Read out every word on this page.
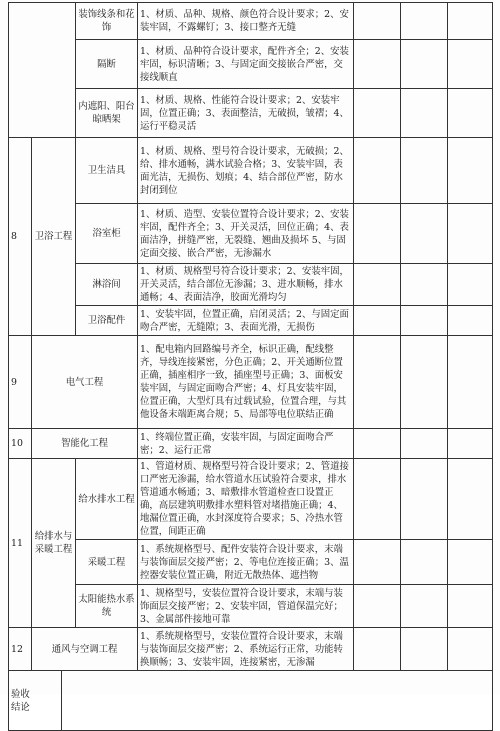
			装饰线条和花饰	1、材质、品种、规格、颜色符合设计要求；2、安装牢固，不露螺钉；3、接口整齐无缝			
			隔断	1、材质、品种符合设计要求，配件齐全；2、安装牢固，标识清晰；3、与固定面交接嵌合严密，交接线顺直			
			内遮阳、阳台晾晒架	1、材质、规格、性能符合设计要求；2、安装牢固，位置正确；3、表面整洁，无破损，皱褶；4、运行平稳灵活			
8	卫浴工程		卫生洁具	1、材质、规格、型号符合设计要求，无破损；2、给、排水通畅，满水试验合格；3、安装牢固，表面光洁，无损伤、划痕；4、结合部位严密，防水封闭到位			
			浴室柜	1、材质、造型、安装位置符合设计要求；2、安装牢固，配件齐全；3、开关灵活，回位正确；4、表面洁净，拼缝严密，无裂缝、翘曲及损坏 5、与固定面交接、嵌合严密，无渗漏水			
			淋浴间	1、材质、规格型号符合设计要求；2、安装牢固，开关灵活，结合部位无渗漏；3、进水顺畅，排水通畅；4、表面洁净，胶面光滑均匀			
			卫浴配件	1、安装牢固，位置正确，启闭灵活；2、与固定面吻合严密，无缝隙；3、表面光滑，无损伤			
9	电气工程			1、配电箱内回路编号齐全，标识正确，配线整齐，导线连接紧密，分色正确；2、开关通断位置正确，插座相序一致，插座型号正确；3、面板安装牢固，与固定面吻合严密；4、灯具安装牢固，位置正确，大型灯具有过载试验，位置合理，与其他设备末端距离合规；5、局部等电位联结正确			
10	智能化工程			1、终端位置正确，安装牢固，与固定面吻合严密；2、运行正常			
11	给排水与采暖工程		给水排水工程	1、管道材质、规格型号符合设计要求；2、管道接口严密无渗漏，给水管道水压试验符合要求，排水管道通水畅通；3、暗敷排水管道检查口设置正确，高层建筑明敷排水塑料管对堵措施正确；4、地漏位置正确，水封深度符合要求；5、冷热水管位置，间距正确			
			采暖工程	1、系统规格型号、配件安装符合设计要求，末端与装饰面层交接严密；2、等电位连接正确；3、温控器安装位置正确，附近无散热体、遮挡物			
			太阳能热水系统	1、规格型号，安装位置符合设计要求，末端与装饰面层交接严密；2、安装牢固，管道保温完好；3、金属部件接地可靠			
12	通风与空调工程			1、系统规格型号，安装位置符合设计要求，末端与装饰面层交接严密；2、系统运行正常，功能转换顺畅；3、安装牢固，连接紧密，无渗漏			

验收
结论							
